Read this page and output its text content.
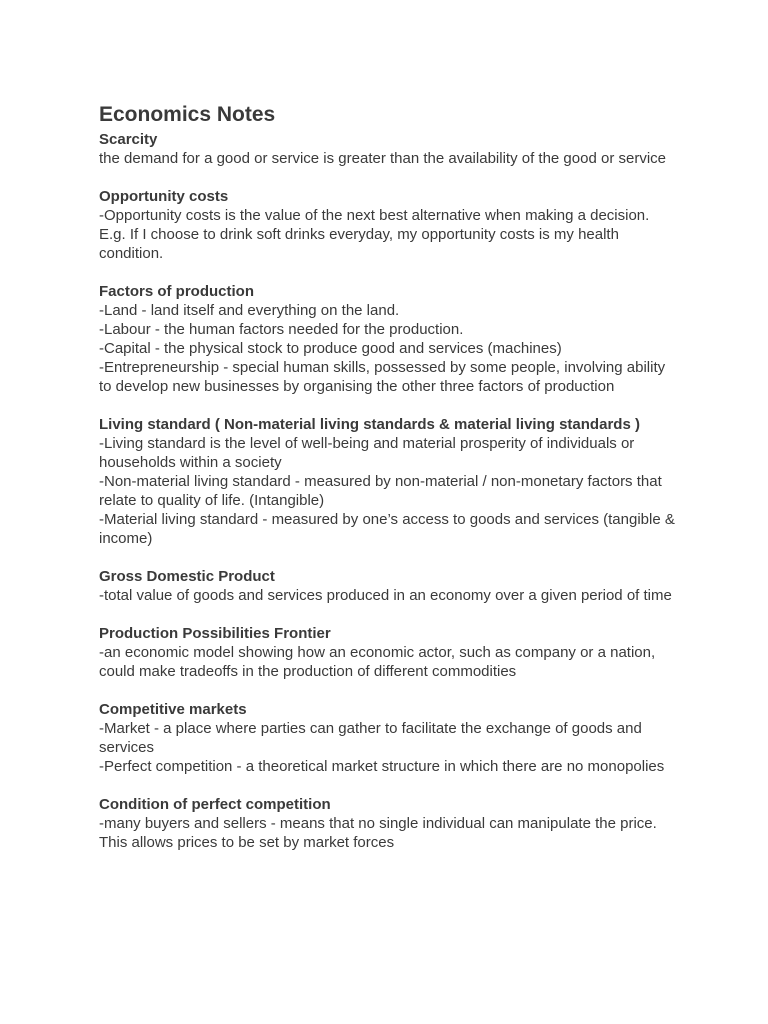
Economics Notes

Scarcity

the demand for a good or service is greater than the availability of the good or service

Opportunity costs

-Opportunity costs is the value of the next best alternative when making a decision.

E.g. If I choose to drink soft drinks everyday, my opportunity costs is my health condition.

Factors of production

-Land - land itself and everything on the land.

-Labour - the human factors needed for the production.

-Capital - the physical stock to produce good and services (machines)

-Entrepreneurship - special human skills, possessed by some people, involving ability to develop new businesses by organising the other three factors of production

Living standard ( Non-material living standards & material living standards )

-Living standard is the level of well-being and material prosperity of individuals or households within a society

-Non-material living standard - measured by non-material / non-monetary factors that relate to quality of life. (Intangible)

-Material living standard - measured by one’s access to goods and services (tangible & income)

Gross Domestic Product

-total value of goods and services produced in an economy over a given period of time

Production Possibilities Frontier

-an economic model showing how an economic actor, such as company or a nation, could make tradeoffs in the production of different commodities

Competitive markets

-Market - a place where parties can gather to facilitate the exchange of goods and services

-Perfect competition - a theoretical market structure in which there are no monopolies

Condition of perfect competition

-many buyers and sellers - means that no single individual can manipulate the price. This allows prices to be set by market forces
